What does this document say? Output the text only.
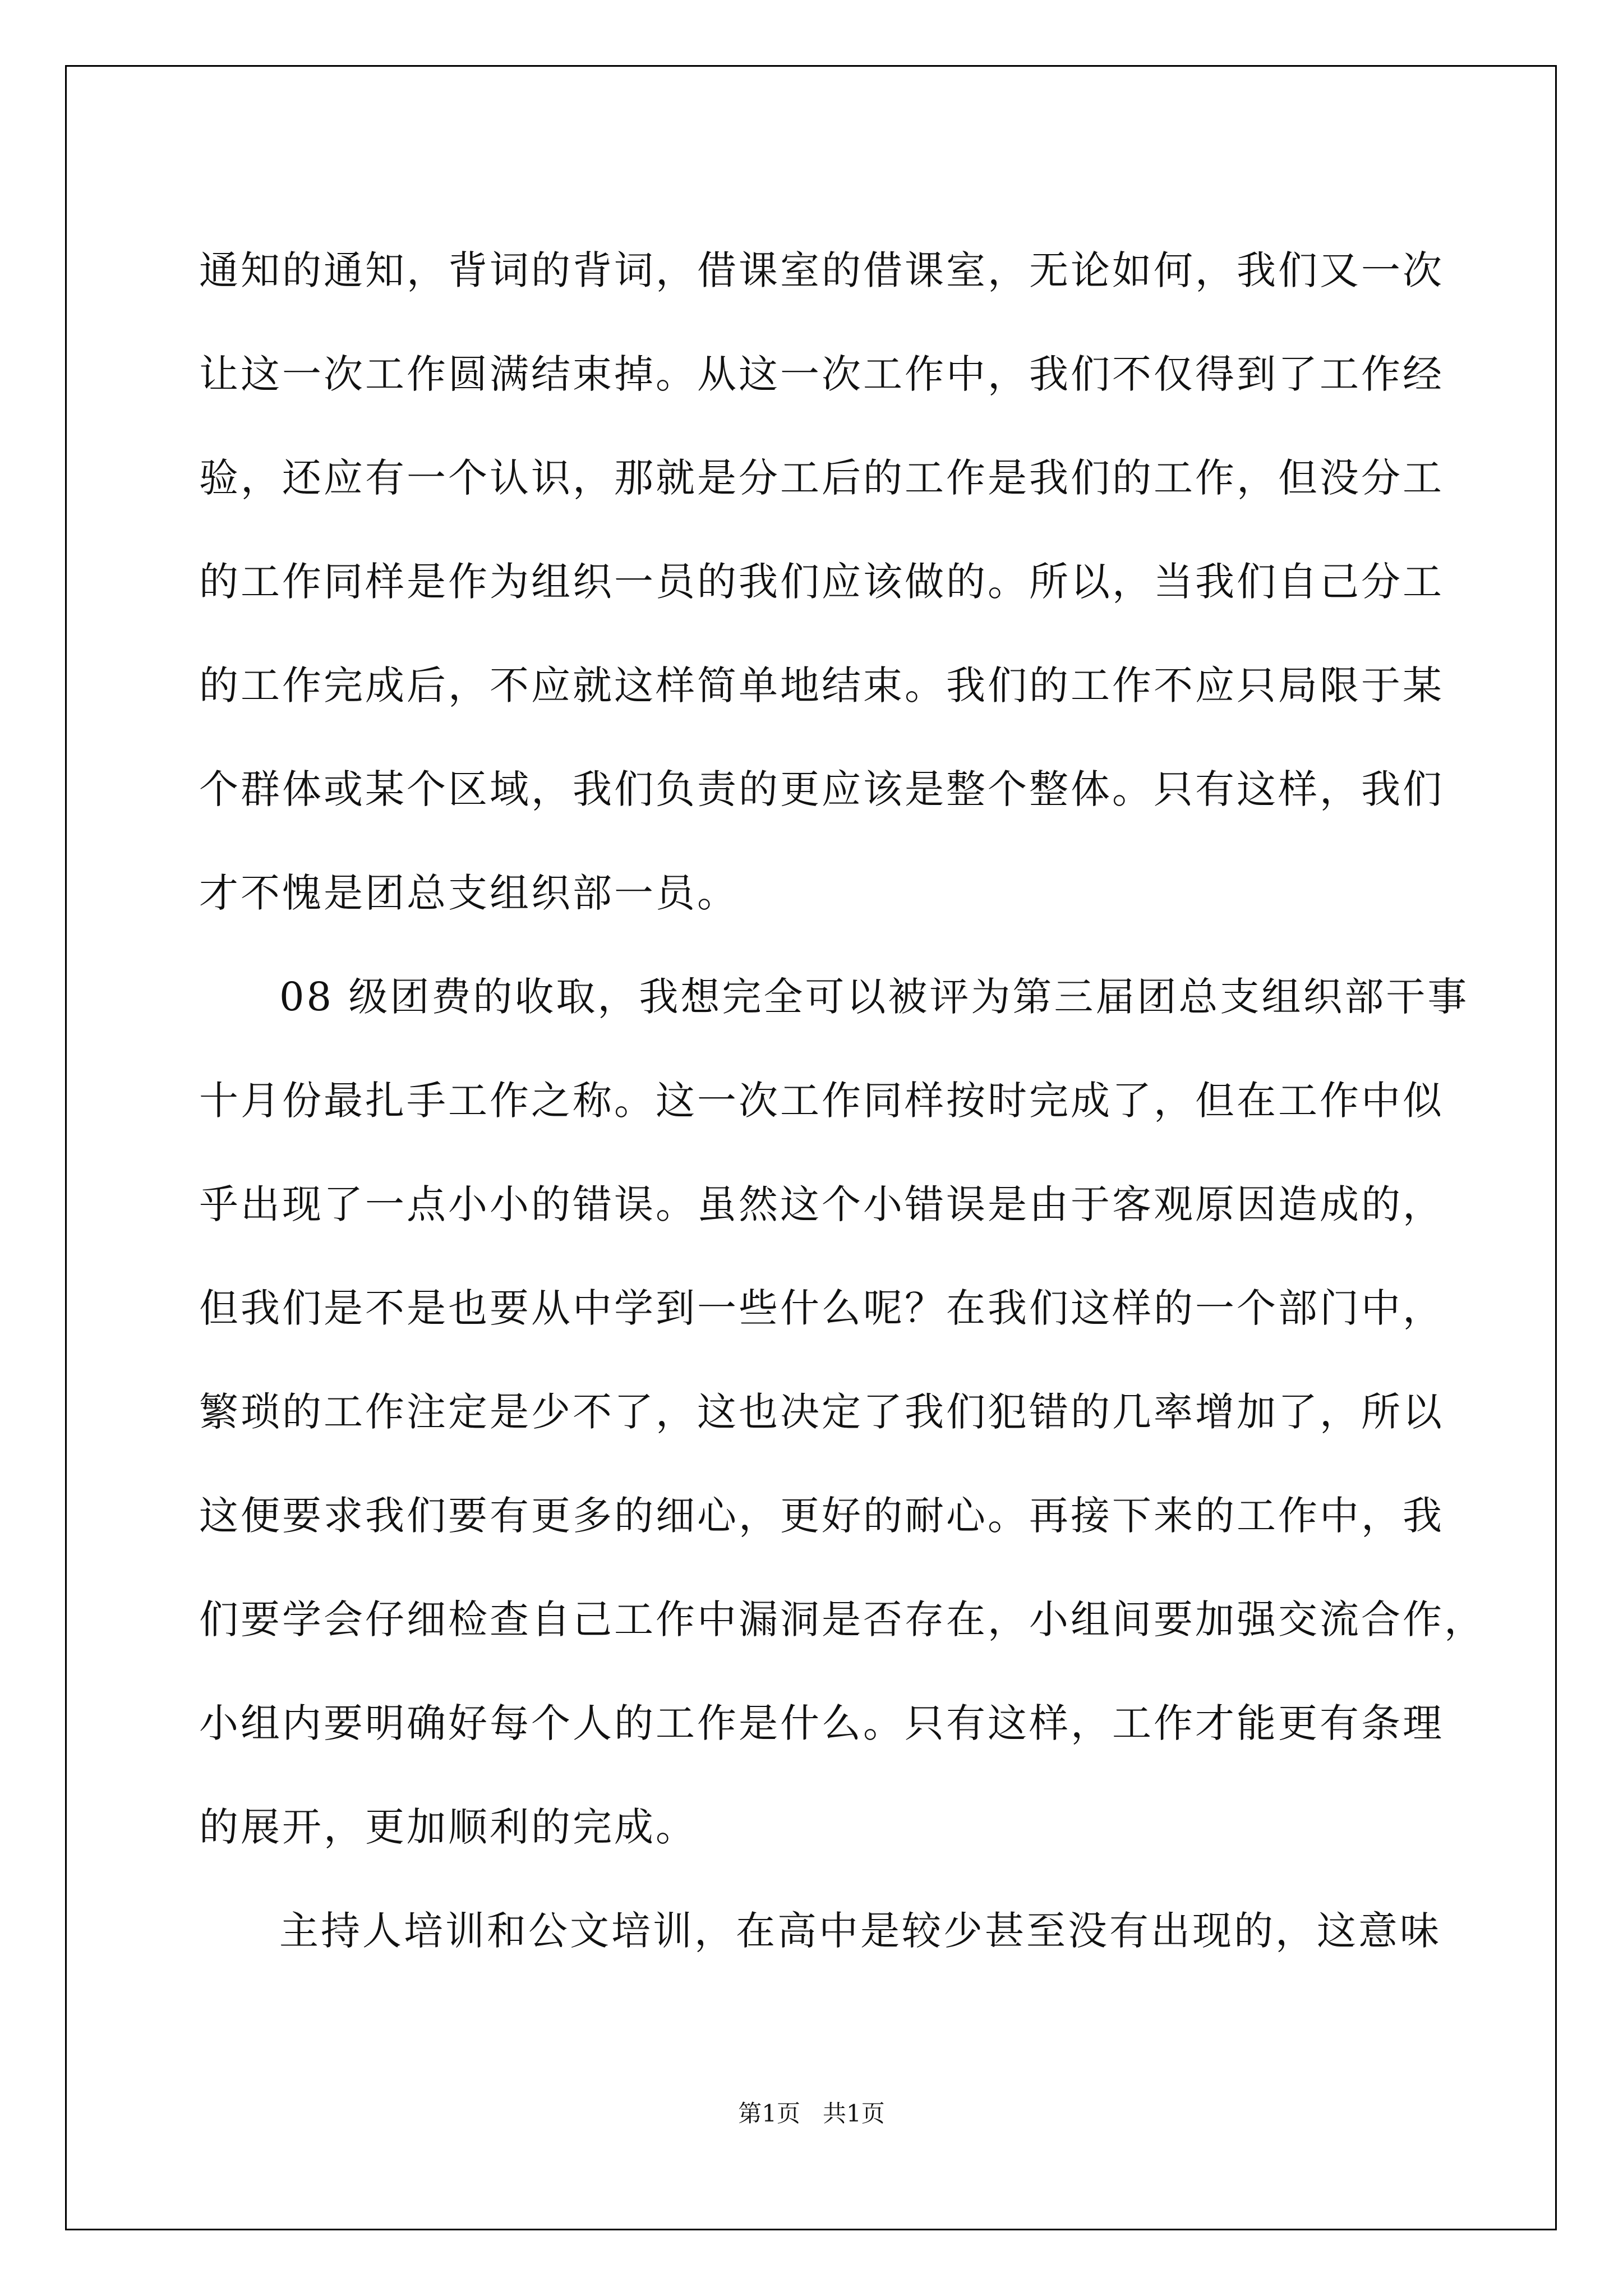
通知的通知，背词的背词，借课室的借课室，无论如何，我们又一次
让这一次工作圆满结束掉。从这一次工作中，我们不仅得到了工作经
验，还应有一个认识，那就是分工后的工作是我们的工作，但没分工
的工作同样是作为组织一员的我们应该做的。所以，当我们自己分工
的工作完成后，不应就这样简单地结束。我们的工作不应只局限于某
个群体或某个区域，我们负责的更应该是整个整体。只有这样，我们
才不愧是团总支组织部一员。
08 级团费的收取，我想完全可以被评为第三届团总支组织部干事
十月份最扎手工作之称。这一次工作同样按时完成了，但在工作中似
乎出现了一点小小的错误。虽然这个小错误是由于客观原因造成的，
但我们是不是也要从中学到一些什么呢？在我们这样的一个部门中，
繁琐的工作注定是少不了，这也决定了我们犯错的几率增加了，所以
这便要求我们要有更多的细心，更好的耐心。再接下来的工作中，我
们要学会仔细检查自己工作中漏洞是否存在，小组间要加强交流合作，
小组内要明确好每个人的工作是什么。只有这样，工作才能更有条理
的展开，更加顺利的完成。
主持人培训和公文培训，在高中是较少甚至没有出现的，这意味
第1页 共1页
